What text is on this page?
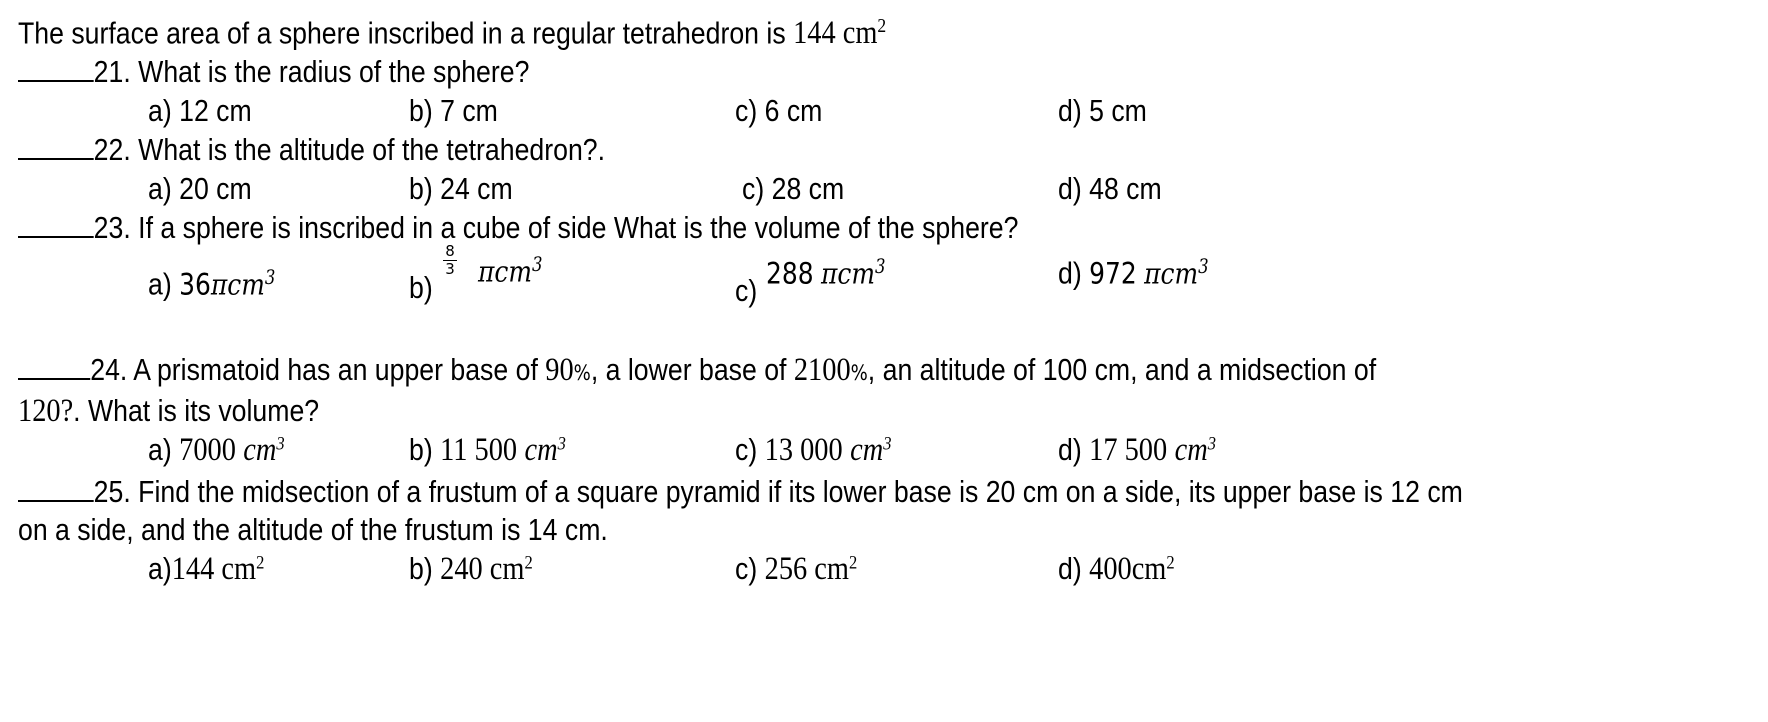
The surface area of a sphere inscribed in a regular tetrahedron is 144 $cm^2$
21. What is the radius of the sphere?
a) 12 cm	b) 7 cm	c) 6 cm	d) 5 cm
22. What is the altitude of the tetrahedron?.
a) 20 cm	b) 24 cm	c) 28 cm	d) 48 cm
23. If a sphere is inscribed in a cube of side What is the volume of the sphere?
a) 36πcm$^3$	b)
8
3 πcm$^3$
c) 288 πcm$^3$	d) 972 πcm$^3$
24. A prismatoid has an upper base of 90%, a lower base of 2100%, an altitude of 100 cm, and a midsection of
120?. What is its volume?
a) 7000 $cm^3$	b) 11 500 $cm^3$	c) 13 000 $cm^3$	d) 17 500 $cm^3$
25. Find the midsection of a frustum of a square pyramid if its lower base is 20 cm on a side, its upper base is 12 cm
on a side, and the altitude of the frustum is 14 cm.
a)144 $cm^2$	b) 240 $cm^2$	c) 256 $cm^2$	d) $400cm^2$
